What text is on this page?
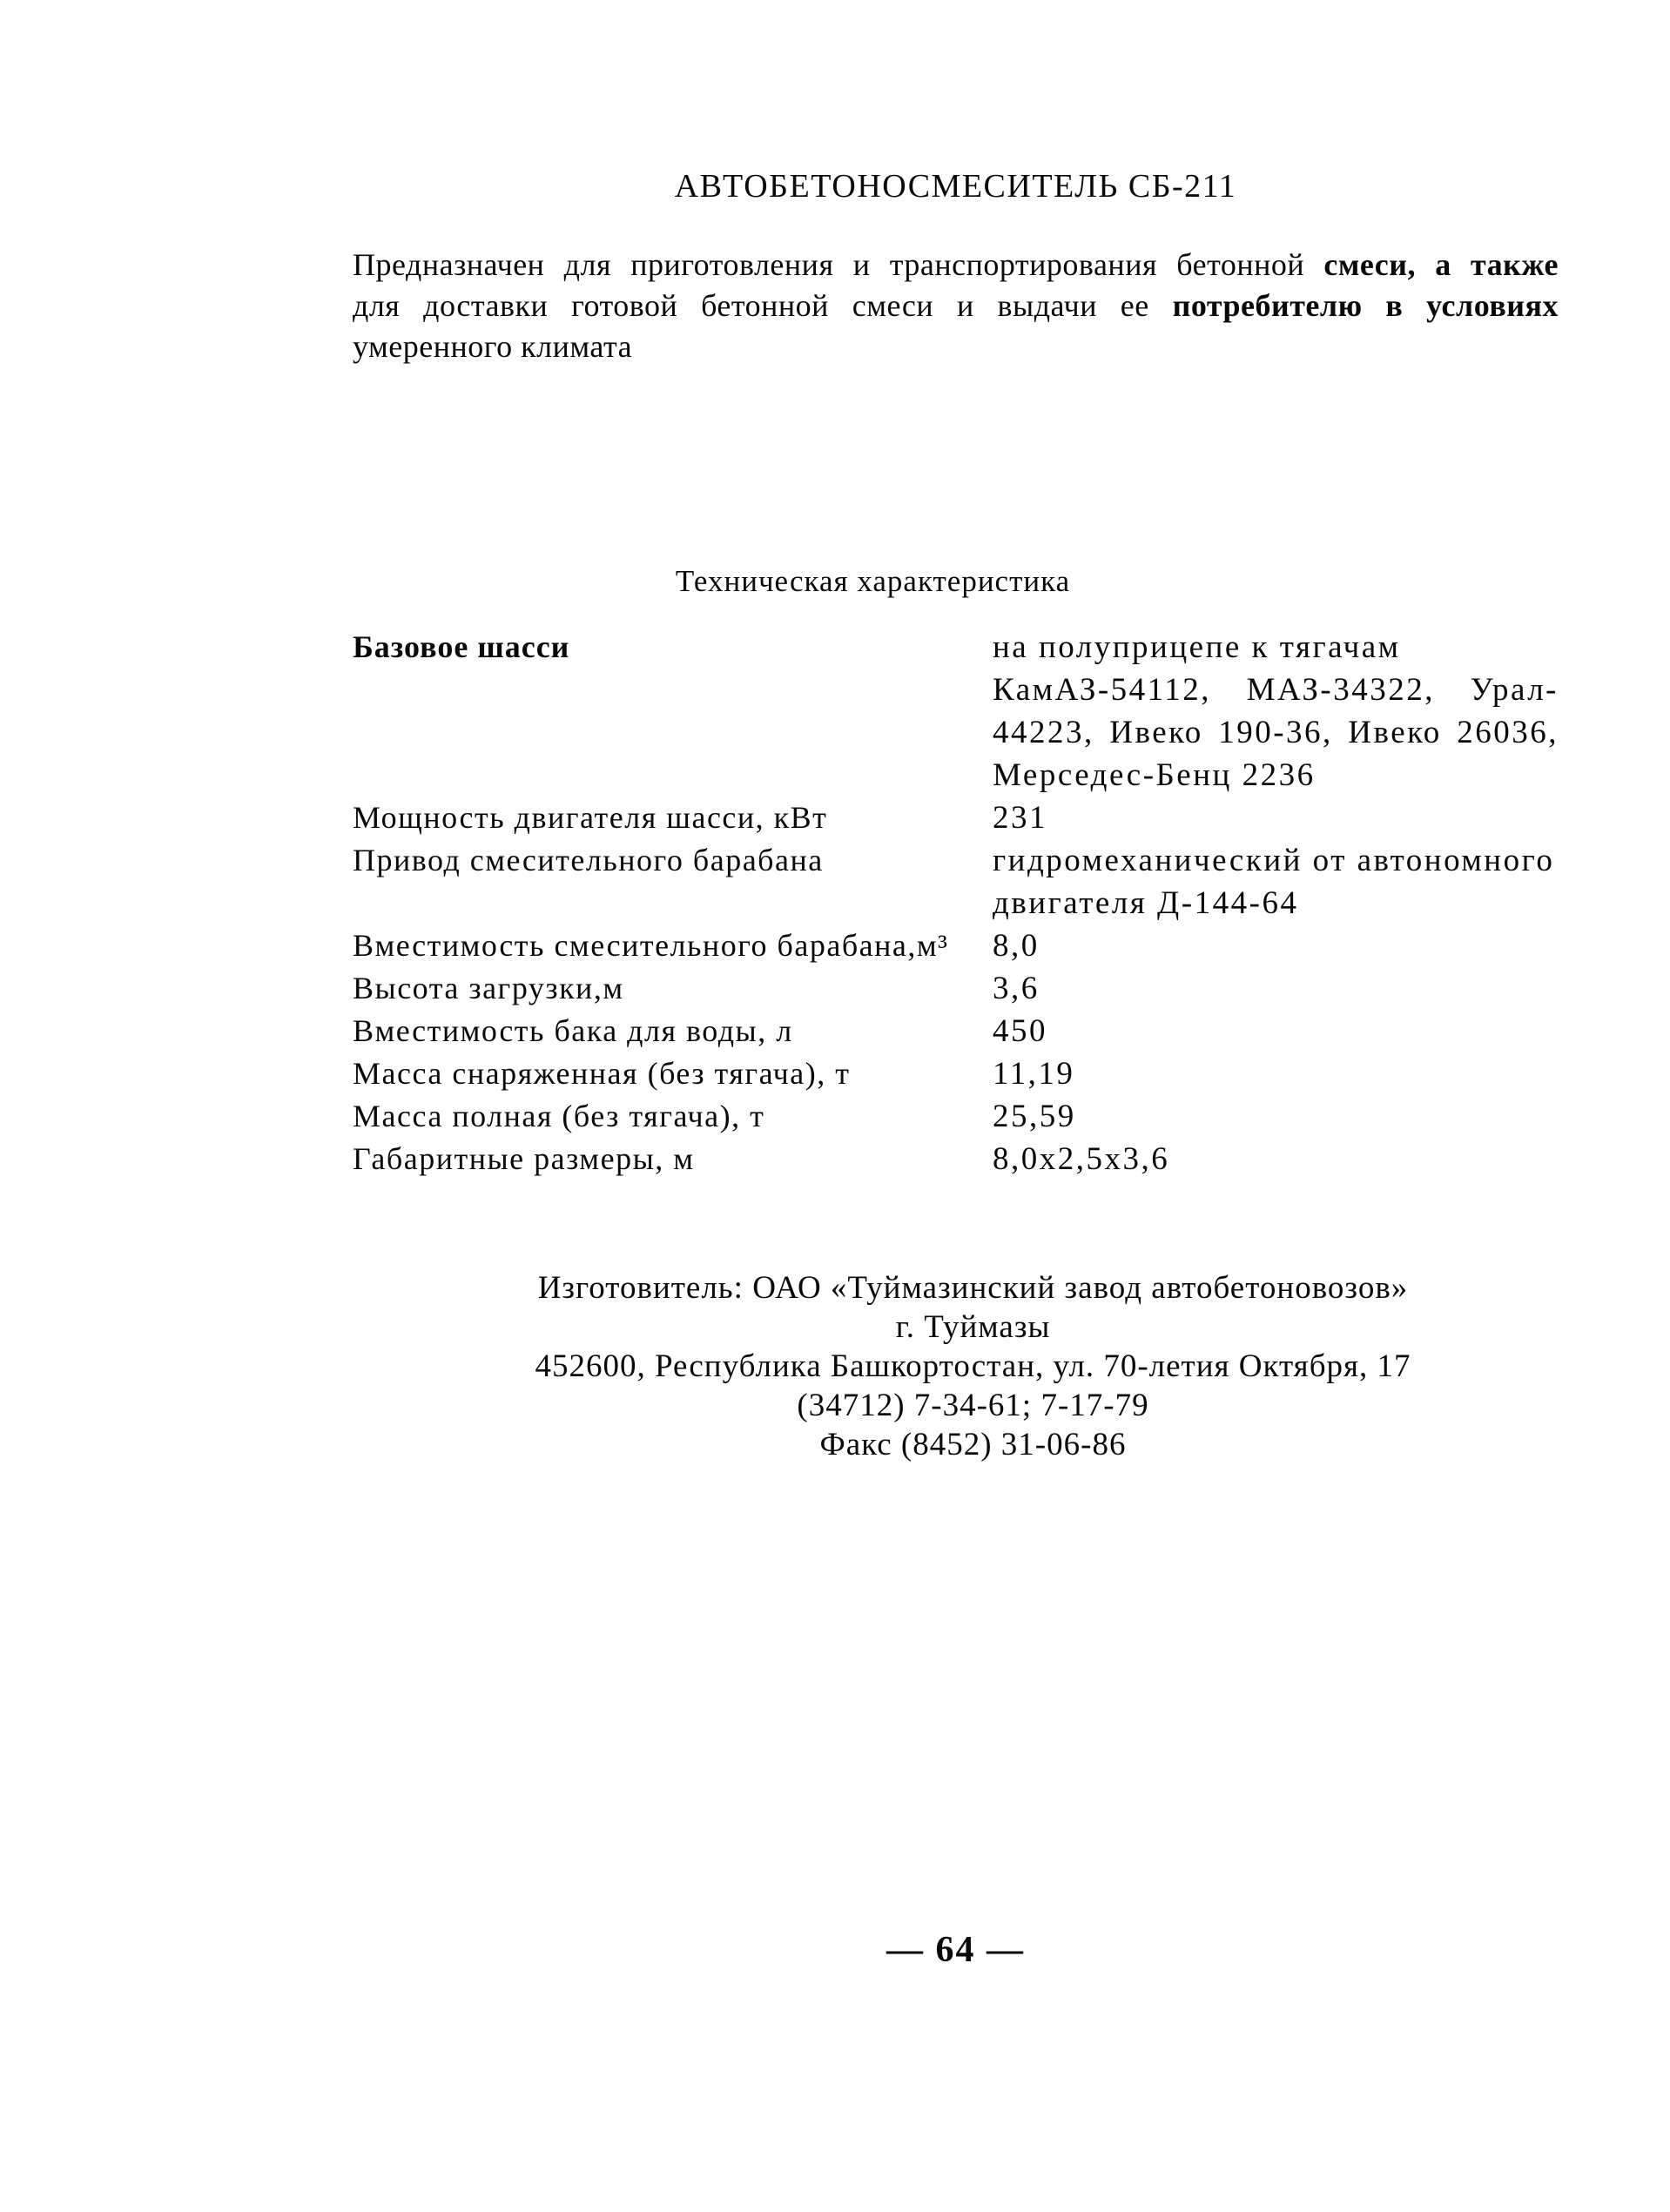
АВТОБЕТОНОСМЕСИТЕЛЬ СБ-211
Предназначен для приготовления и транспортирования бетонной смеси, а также
для доставки готовой бетонной смеси и выдачи ее потребителю в условиях
умеренного климата
Техническая характеристика
Базовое шасси	на полуприцепе к тягачам
КамАЗ-54112, МАЗ-34322, Урал-
44223, Ивеко 190-36, Ивеко 26036,
Мерседес-Бенц 2236
Мощность двигателя шасси, кВт	231
Привод смесительного барабана	гидромеханический от автономного
двигателя Д-144-64
Вместимость смесительного барабана,м³	8,0
Высота загрузки,м	3,6
Вместимость бака для воды, л	450
Масса снаряженная (без тягача), т	11,19
Масса полная (без тягача), т	25,59
Габаритные размеры, м	8,0х2,5х3,6
Изготовитель: ОАО «Туймазинский завод автобетоновозов»
г. Туймазы
452600, Республика Башкортостан, ул. 70-летия Октября, 17
(34712) 7-34-61; 7-17-79
Факс (8452) 31-06-86
— 64 —
